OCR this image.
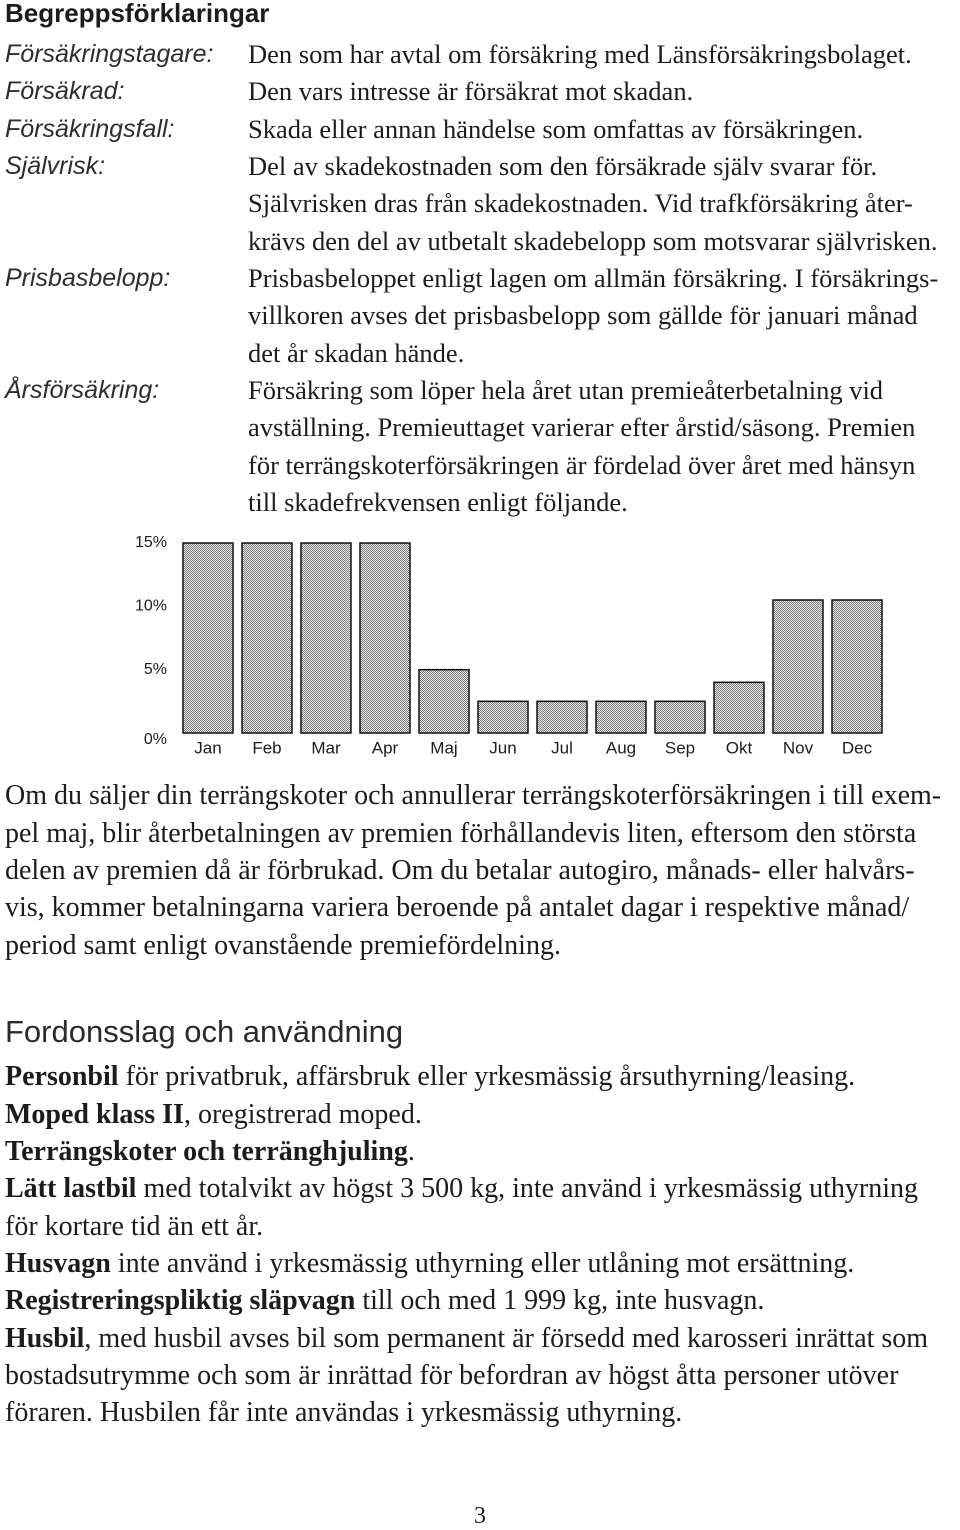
Begreppsförklaringar
Försäkringstagare:	Den som har avtal om försäkring med Länsförsäkringsbolaget.
Försäkrad:	Den vars intresse är försäkrat mot skadan.
Försäkringsfall:	Skada eller annan händelse som omfattas av försäkringen.
Självrisk:	Del av skadekostnaden som den försäkrade själv svarar för.
Självrisken dras från skadekostnaden. Vid trafkförsäkring åter-
krävs den del av utbetalt skadebelopp som motsvarar självrisken.
Prisbasbelopp:	Prisbasbeloppet enligt lagen om allmän försäkring. I försäkrings-
villkoren avses det prisbasbelopp som gällde för januari månad
det år skadan hände.
Årsförsäkring:	Försäkring som löper hela året utan premieåterbetalning vid
avställning. Premieuttaget varierar efter årstid/säsong. Premien
för terrängskoterförsäkringen är fördelad över året med hänsyn
till skadefrekvensen enligt följande.
0%
5%
10%
15%
Jan Feb Mar Apr Maj Jun Jul Aug Sep Okt Nov Dec
Om du säljer din terrängskoter och annullerar terrängskoterförsäkringen i till exem-
pel maj, blir återbetalningen av premien förhållandevis liten, eftersom den största
delen av premien då är förbrukad. Om du betalar autogiro, månads- eller halvårs-
vis, kommer betalningarna variera beroende på antalet dagar i respektive månad/
period samt enligt ovanstående premiefördelning.
Fordonsslag och användning
Personbil för privatbruk, affärsbruk eller yrkesmässig årsuthyrning/leasing.
Moped klass II, oregistrerad moped.
Terrängskoter och terränghjuling.
Lätt lastbil med totalvikt av högst 3 500 kg, inte använd i yrkesmässig uthyrning
för kortare tid än ett år.
Husvagn inte använd i yrkesmässig uthyrning eller utlåning mot ersättning.
Registreringspliktig släpvagn till och med 1 999 kg, inte husvagn.
Husbil, med husbil avses bil som permanent är försedd med karosseri inrättat som
bostadsutrymme och som är inrättad för befordran av högst åtta personer utöver
föraren. Husbilen får inte användas i yrkesmässig uthyrning.
3
